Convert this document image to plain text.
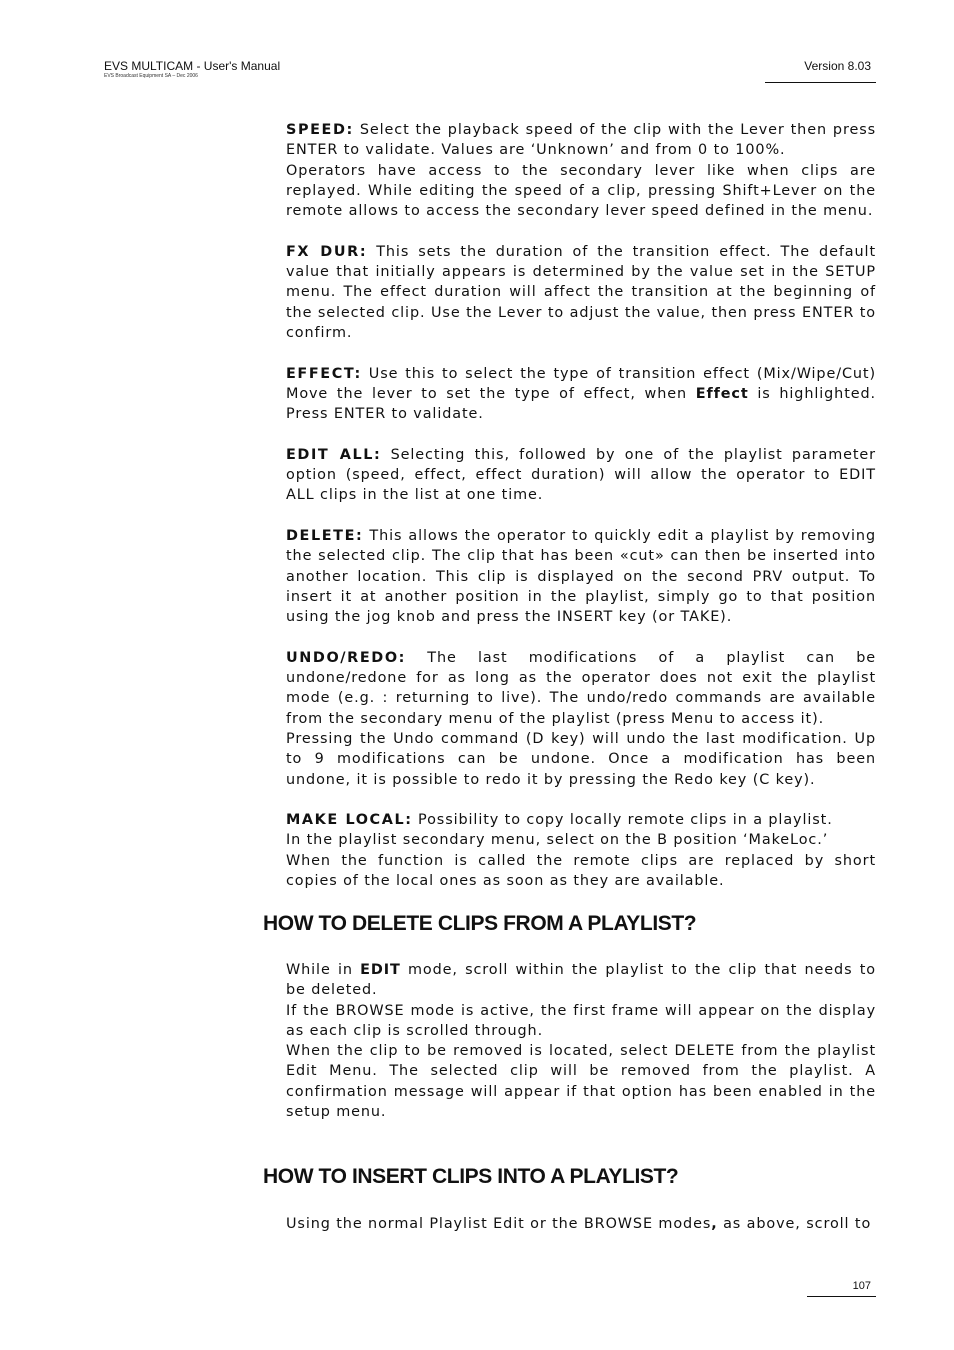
EVS MULTICAM - User's Manual
EVS Broadcast Equipment SA – Dec 2006
Version 8.03

SPEED: Select the playback speed of the clip with the Lever then press ENTER to validate. Values are ‘Unknown’ and from 0 to 100%.
Operators have access to the secondary lever like when clips are replayed. While editing the speed of a clip, pressing Shift+Lever on the remote allows to access the secondary lever speed defined in the menu.

FX DUR: This sets the duration of the transition effect. The default value that initially appears is determined by the value set in the SETUP menu. The effect duration will affect the transition at the beginning of the selected clip. Use the Lever to adjust the value, then press ENTER to confirm.

EFFECT: Use this to select the type of transition effect (Mix/Wipe/Cut) Move the lever to set the type of effect, when Effect is highlighted. Press ENTER to validate.

EDIT ALL: Selecting this, followed by one of the playlist parameter option (speed, effect, effect duration) will allow the operator to EDIT ALL clips in the list at one time.

DELETE: This allows the operator to quickly edit a playlist by removing the selected clip. The clip that has been «cut» can then be inserted into another location. This clip is displayed on the second PRV output. To insert it at another position in the playlist, simply go to that position using the jog knob and press the INSERT key (or TAKE).

UNDO/REDO: The last modifications of a playlist can be undone/redone for as long as the operator does not exit the playlist mode (e.g. : returning to live). The undo/redo commands are available from the secondary menu of the playlist (press Menu to access it).
Pressing the Undo command (D key) will undo the last modification. Up to 9 modifications can be undone. Once a modification has been undone, it is possible to redo it by pressing the Redo key (C key).

MAKE LOCAL: Possibility to copy locally remote clips in a playlist.
In the playlist secondary menu, select on the B position ‘MakeLoc.’
When the function is called the remote clips are replaced by short copies of the local ones as soon as they are available.

HOW TO DELETE CLIPS FROM A PLAYLIST?

While in EDIT mode, scroll within the playlist to the clip that needs to be deleted.
If the BROWSE mode is active, the first frame will appear on the display as each clip is scrolled through.
When the clip to be removed is located, select DELETE from the playlist Edit Menu. The selected clip will be removed from the playlist. A confirmation message will appear if that option has been enabled in the setup menu.

HOW TO INSERT CLIPS INTO A PLAYLIST?

Using the normal Playlist Edit or the BROWSE modes, as above, scroll to

107
